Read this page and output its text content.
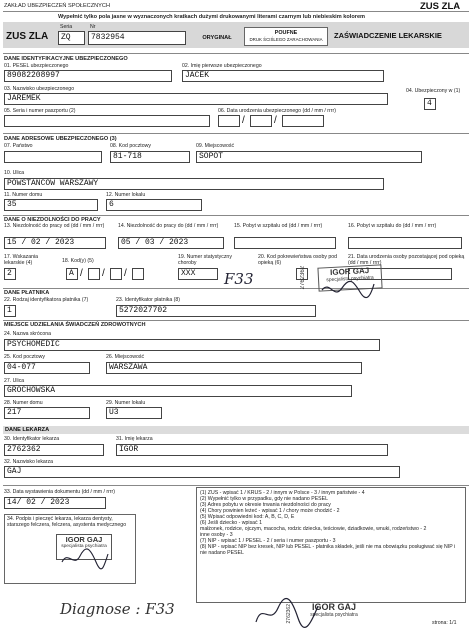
ZAKŁAD UBEZPIECZEŃ SPOŁECZNYCH	ZUS ZLA
Wypełnić tylko pola jasne w wyznaczonych kratkach dużymi drukowanymi literami czarnym lub niebieskim kolorem
ZUS ZLA
Seria
ZQ
Nr
7832954	ORYGINAŁ
POUFNE
DRUK ŚCIŚLEGO ZARACHOWANIA	ZAŚWIADCZENIE LEKARSKIE
DANE IDENTYFIKACYJNE UBEZPIECZONEGO
01. PESEL ubezpieczonego
89082208997
02. Imię pierwsze ubezpieczonego
JACEK
03. Nazwisko ubezpieczonego
JAREMEK
04. Ubezpieczony w (1)
4
05. Seria i numer paszportu (2)	06. Data urodzenia ubezpieczonego (dd / mm / rrrr)
/	/
DANE ADRESOWE UBEZPIECZONEGO (3)
07. Państwo	08. Kod pocztowy
81-718
09. Miejscowość
SOPOT
10. Ulica
POWSTAŃCÓW WARSZAWY
11. Numer domu
35
12. Numer lokalu
6
DANE O NIEZDOLNOŚCI DO PRACY
13. Niezdolność do pracy od (dd / mm / rrrr)
15 / 02 / 2023
14. Niezdolność do pracy do (dd / mm / rrrr)
05 / 03 / 2023
15. Pobyt w szpitalu od (dd / mm / rrrr)	16. Pobyt w szpitalu do (dd / mm / rrrr)
17. Wskazania lekarskie (4)
2
18. Kod(y) (5)
A / / /
19. Numer statystyczny choroby
XXX
20. Kod pokrewieństwa osoby pod opieką (6)
21. Data urodzenia osoby pozostającej pod opieką (dd / mm / rrrr)
DANE PŁATNIKA
22. Rodzaj identyfikatora płatnika (7)
1
23. Identyfikator płatnika (8)
5272027702
MIEJSCE UDZIELANIA ŚWIADCZEŃ ZDROWOTNYCH
24. Nazwa skrócona
PSYCHOMEDIC
25. Kod pocztowy
04-077
26. Miejscowość
WARSZAWA
27. Ulica
GROCHOWSKA
28. Numer domu
217
29. Numer lokalu
U3
DANE LEKARZA
30. Identyfikator lekarza
2762362
31. Imię lekarza
IGOR
32. Nazwisko lekarza
GAJ
33. Data wystawienia dokumentu (dd / mm / rrrr)
14/ 02 / 2023
34. Podpis i pieczęć lekarza, lekarza dentysty, starszego felczera, felczera, asystenta medycznego
(1) ZUS - wpisać 1 / KRUS - 2 / innym w Polsce - 3 / innym państwie - 4
(2) Wypełnić tylko w przypadku, gdy nie nadano PESEL
(3) Adres pobytu w okresie trwania niezdolności do pracy
(4) Chory powinien leżeć - wpisać 1 / chory może chodzić - 2
(5) Wpisać odpowiedni kod: A, B, C, D, E
(6) Jeśli dziecko - wpisać 1
małżonek, rodzice, ojczym, macocha, rodzic dziecka, teściowie, dziadkowie, wnuki, rodzeństwo - 2
inne osoby - 3
(7) NIP - wpisać 1 / PESEL - 2 / seria i numer paszportu - 3
(8) NIP - wpisać NIP bez kresek, NIP lub PESEL - płatnika składek, jeśli nie ma obowiązku posługiwać się NIP i nie nadano PESEL
strona: 1/1
IGOR GAJ
specjalista psychiatra
2762362
F33
IGOR GAJ
specjalista psychiatra
Diagnose : F33	IGOR GAJ
specjalista psychiatra
2762362
